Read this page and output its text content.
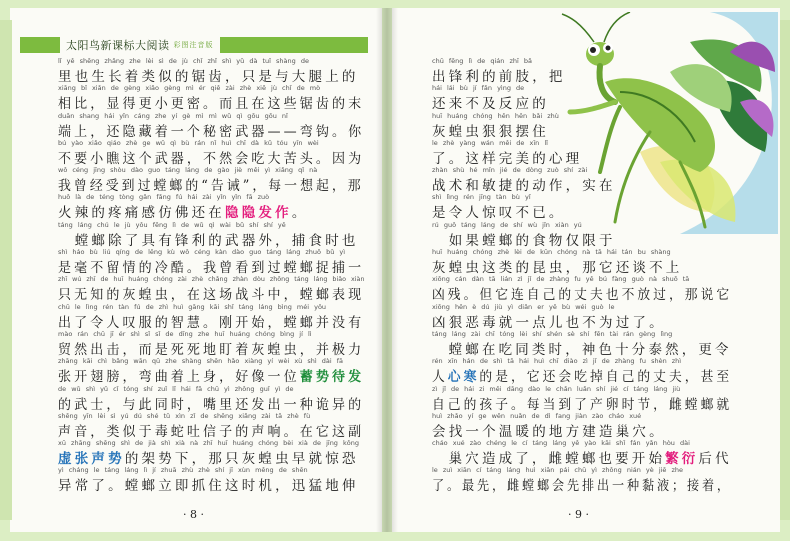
太阳鸟新课标大阅读 彩图注音版
lǐ yě shēng zhǎng zhe lèi sì de jù chǐ zhǐ shì yǔ dà tuǐ shàng de
里也生长着类似的锯齿，只是与大腿上的
xiāng bǐ xiǎn de gèng xiǎo gèng mì ér qiě zài zhè xiē jù chǐ de mò
相比，显得更小更密。而且在这些锯齿的末
duān shang hái yǐn cáng zhe yí gè mì mì wǔ qì gōu gōu nǐ
端上，还隐藏着一个秘密武器——弯钩。你
bú yào xiǎo qiáo zhè ge wǔ qì bù rán nǐ huì chī dà kǔ tóu yīn wèi
不要小瞧这个武器，不然会吃大苦头。因为
wǒ céng jīng shòu dào guo táng láng de gào jiè měi yì xiǎng qǐ nà
我曾经受到过螳螂的“告诫”，每一想起，那
huǒ là de téng tòng gǎn fǎng fú hái zài yǐn yǐn fā zuò
火辣的疼痛感仿佛还在隐隐发作。
táng láng chú le jù yǒu fēng lì de wǔ qì wài bǔ shí shí yě
　螳螂除了具有锋利的武器外，捕食时也
shì háo bù liú qíng de lěng kù wǒ céng kàn dào guo táng láng zhuō bǔ yì
是毫不留情的冷酷。我曾看到过螳螂捉捕一
zhī wú zhī de huī huáng chóng zài zhè chǎng zhàn dòu zhōng táng láng biǎo xiàn
只无知的灰蝗虫，在这场战斗中，螳螂表现
chū le lìng rén tàn fú de zhì huì gāng kāi shǐ táng láng bìng méi yǒu
出了令人叹服的智慧。刚开始，螳螂并没有
mào rán chū jī ér shì sǐ sǐ de dīng zhe huī huáng chóng bìng jí lì
贸然出击，而是死死地盯着灰蝗虫，并极力
zhāng kāi chì bǎng wān qū zhe shàng shēn hǎo xiàng yí wèi xù shì dài fā
张开翅膀，弯曲着上身，好像一位蓄势待发
de wǔ shì yǔ cǐ tóng shí zuǐ lǐ hái fā chū yì zhǒng guǐ yì de
的武士，与此同时，嘴里还发出一种诡异的
shēng yīn lèi sì yú dú shé tǔ xìn zǐ de shēng xiǎng zài tā zhè fù
声音，类似于毒蛇吐信子的声响。在它这副
xū zhāng shēng shì de jià shì xià nà zhī huī huáng chóng bèi xià de jīng kǒng
虚张声势的架势下，那只灰蝗虫早就惊恐
yì cháng le táng láng lì jí zhuā zhù zhè shí jī xùn měng de shēn
异常了。螳螂立即抓住这时机，迅猛地伸
chū fēng lì de qián zhī bǎ
出锋利的前肢，把
hái lái bù jí fǎn yìng de
还来不及反应的
huī huáng chóng hěn hěn bǎi zhù
灰蝗虫狠狠摆住
le zhè yàng wán měi de xīn lǐ
了。这样完美的心理
zhàn shù hé mǐn jié de dòng zuò shí zài
战术和敏捷的动作，实在
shì lìng rén jīng tàn bù yǐ
是令人惊叹不已。
rú guǒ táng láng de shí wù jǐn xiàn yú
　如果螳螂的食物仅限于
huī huáng chóng zhè lèi de kūn chóng nà tā hái tán bu shàng
灰蝗虫这类的昆虫，那它还谈不上
xiōng cán dàn tā lián zì jǐ de zhàng fu yě bú fàng guò nà shuō tā
凶残。但它连自己的丈夫也不放过，那说它
xiōng hěn è dú jiù yì diǎn er yě bù wéi guò le
凶狠恶毒就一点儿也不为过了。
táng láng zài chī tóng lèi shí shén sè shí fēn tài rán gèng lìng
　螳螂在吃同类时，神色十分泰然，更令
rén xīn hán de shì tā hái huì chī diào zì jǐ de zhàng fu shèn zhì
人心寒的是，它还会吃掉自己的丈夫，甚至
zì jǐ de hái zi měi dāng dào le chǎn luǎn shí jié cí táng láng jiù
自己的孩子。每当到了产卵时节，雌螳螂就
huì zhǎo yí ge wēn nuǎn de dì fang jiàn zào cháo xué
会找一个温暖的地方建造巢穴。
cháo xué zào chéng le cí táng láng yě yào kāi shǐ fán yǎn hòu dài
　巢穴造成了，雌螳螂也要开始繁衍后代
le zuì xiān cí táng láng huì xiān pái chū yì zhǒng nián yè jiē zhe
了。最先，雌螳螂会先排出一种黏液；接着，
· 8 ·	· 9 ·
